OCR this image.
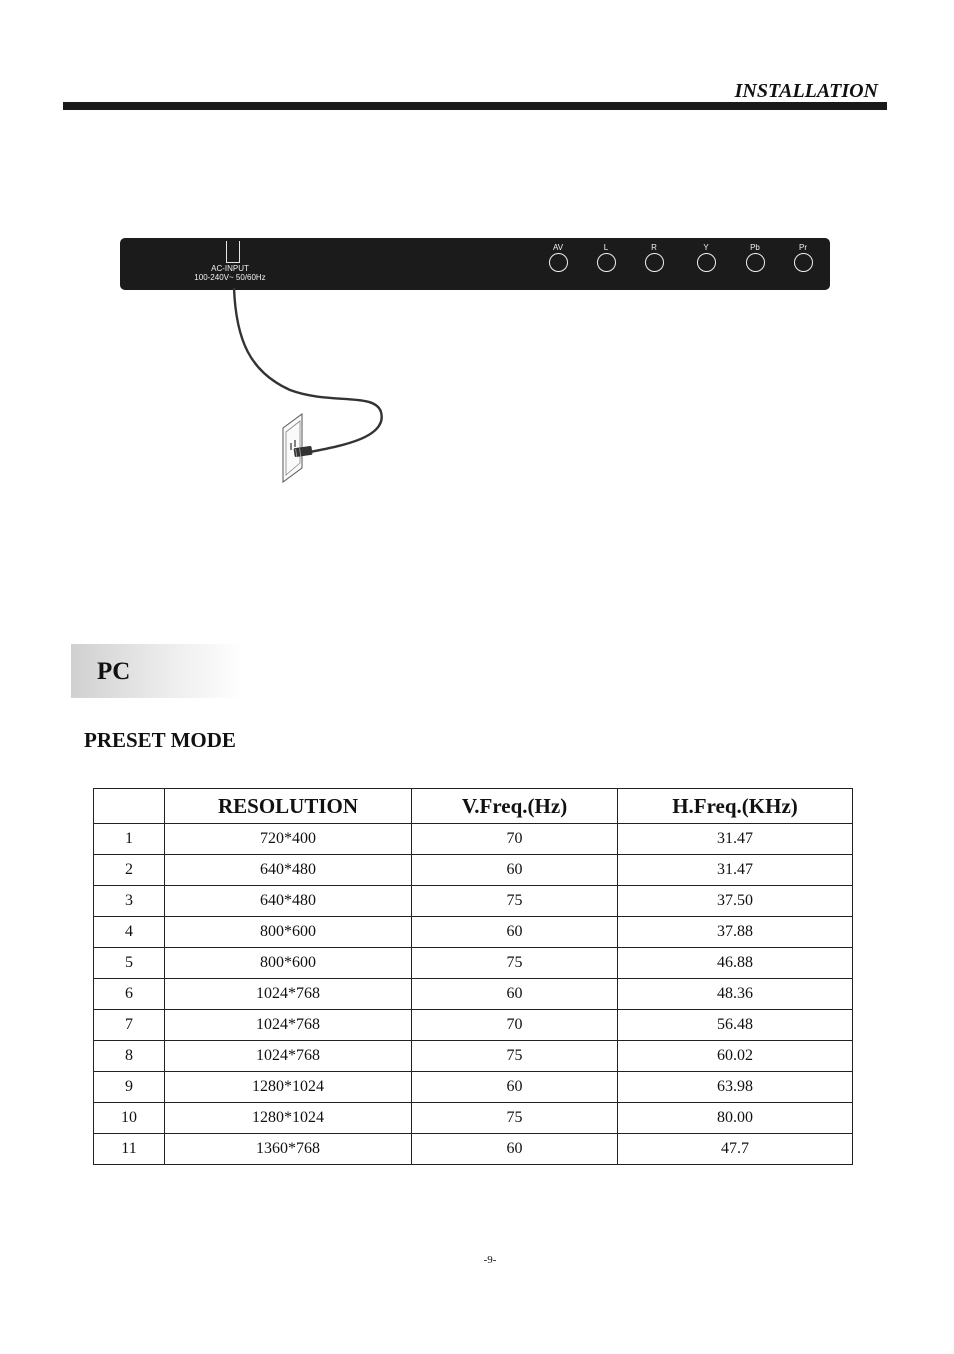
INSTALLATION
AC-INPUT
100-240V~ 50/60Hz
AV	L	R	Y	Pb	Pr
PC
PRESET MODE
	RESOLUTION	V.Freq.(Hz)	H.Freq.(KHz)
1	720*400	70	31.47
2	640*480	60	31.47
3	640*480	75	37.50
4	800*600	60	37.88
5	800*600	75	46.88
6	1024*768	60	48.36
7	1024*768	70	56.48
8	1024*768	75	60.02
9	1280*1024	60	63.98
10	1280*1024	75	80.00
11	1360*768	60	47.7
-9-
